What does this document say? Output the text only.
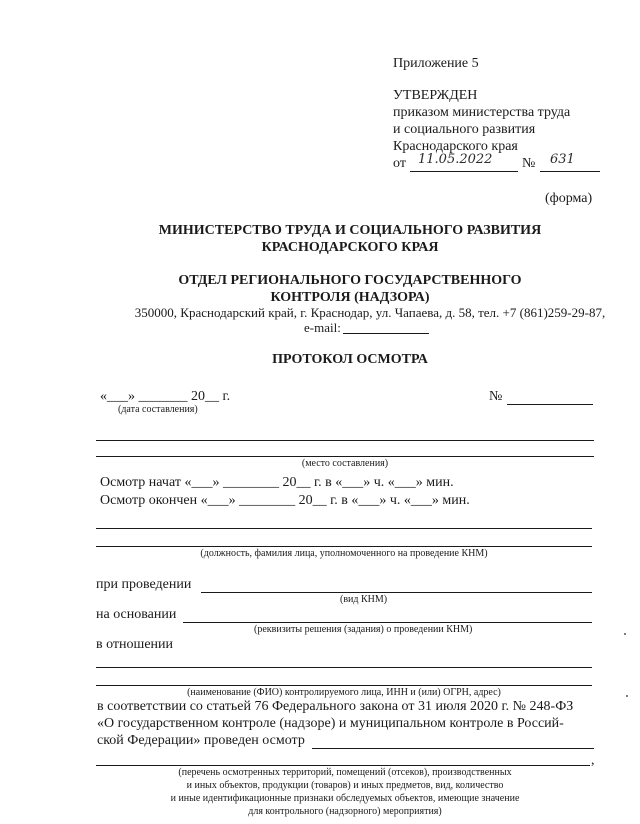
Приложение 5
УТВЕРЖДЕН
приказом министерства труда
и социального развития
Краснодарского края
от 11.05.2022 № 631
(форма)
МИНИСТЕРСТВО ТРУДА И СОЦИАЛЬНОГО РАЗВИТИЯ
КРАСНОДАРСКОГО КРАЯ
ОТДЕЛ РЕГИОНАЛЬНОГО ГОСУДАРСТВЕННОГО
КОНТРОЛЯ (НАДЗОРА)
350000, Краснодарский край, г. Краснодар, ул. Чапаева, д. 58, тел. +7 (861)259-29-87,
e-mail:
ПРОТОКОЛ ОСМОТРА
«___» _______ 20__ г.	№
(дата составления)
(место составления)
Осмотр начат «___» ________ 20__ г. в «___» ч. «___» мин.
Осмотр окончен «___» ________ 20__ г. в «___» ч. «___» мин.
(должность, фамилия лица, уполномоченного на проведение КНМ)
при проведении
(вид КНМ)
на основании
(реквизиты решения (задания) о проведении КНМ)
в отношении
(наименование (ФИО) контролируемого лица, ИНН и (или) ОГРН, адрес)
в соответствии со статьей 76 Федерального закона от 31 июля 2020 г. № 248-ФЗ
«О государственном контроле (надзоре) и муниципальном контроле в Россий-
ской Федерации» проведен осмотр
,
(перечень осмотренных территорий, помещений (отсеков), производственных
и иных объектов, продукции (товаров) и иных предметов, вид, количество
и иные идентификационные признаки обследуемых объектов, имеющие значение
для контрольного (надзорного) мероприятия)
